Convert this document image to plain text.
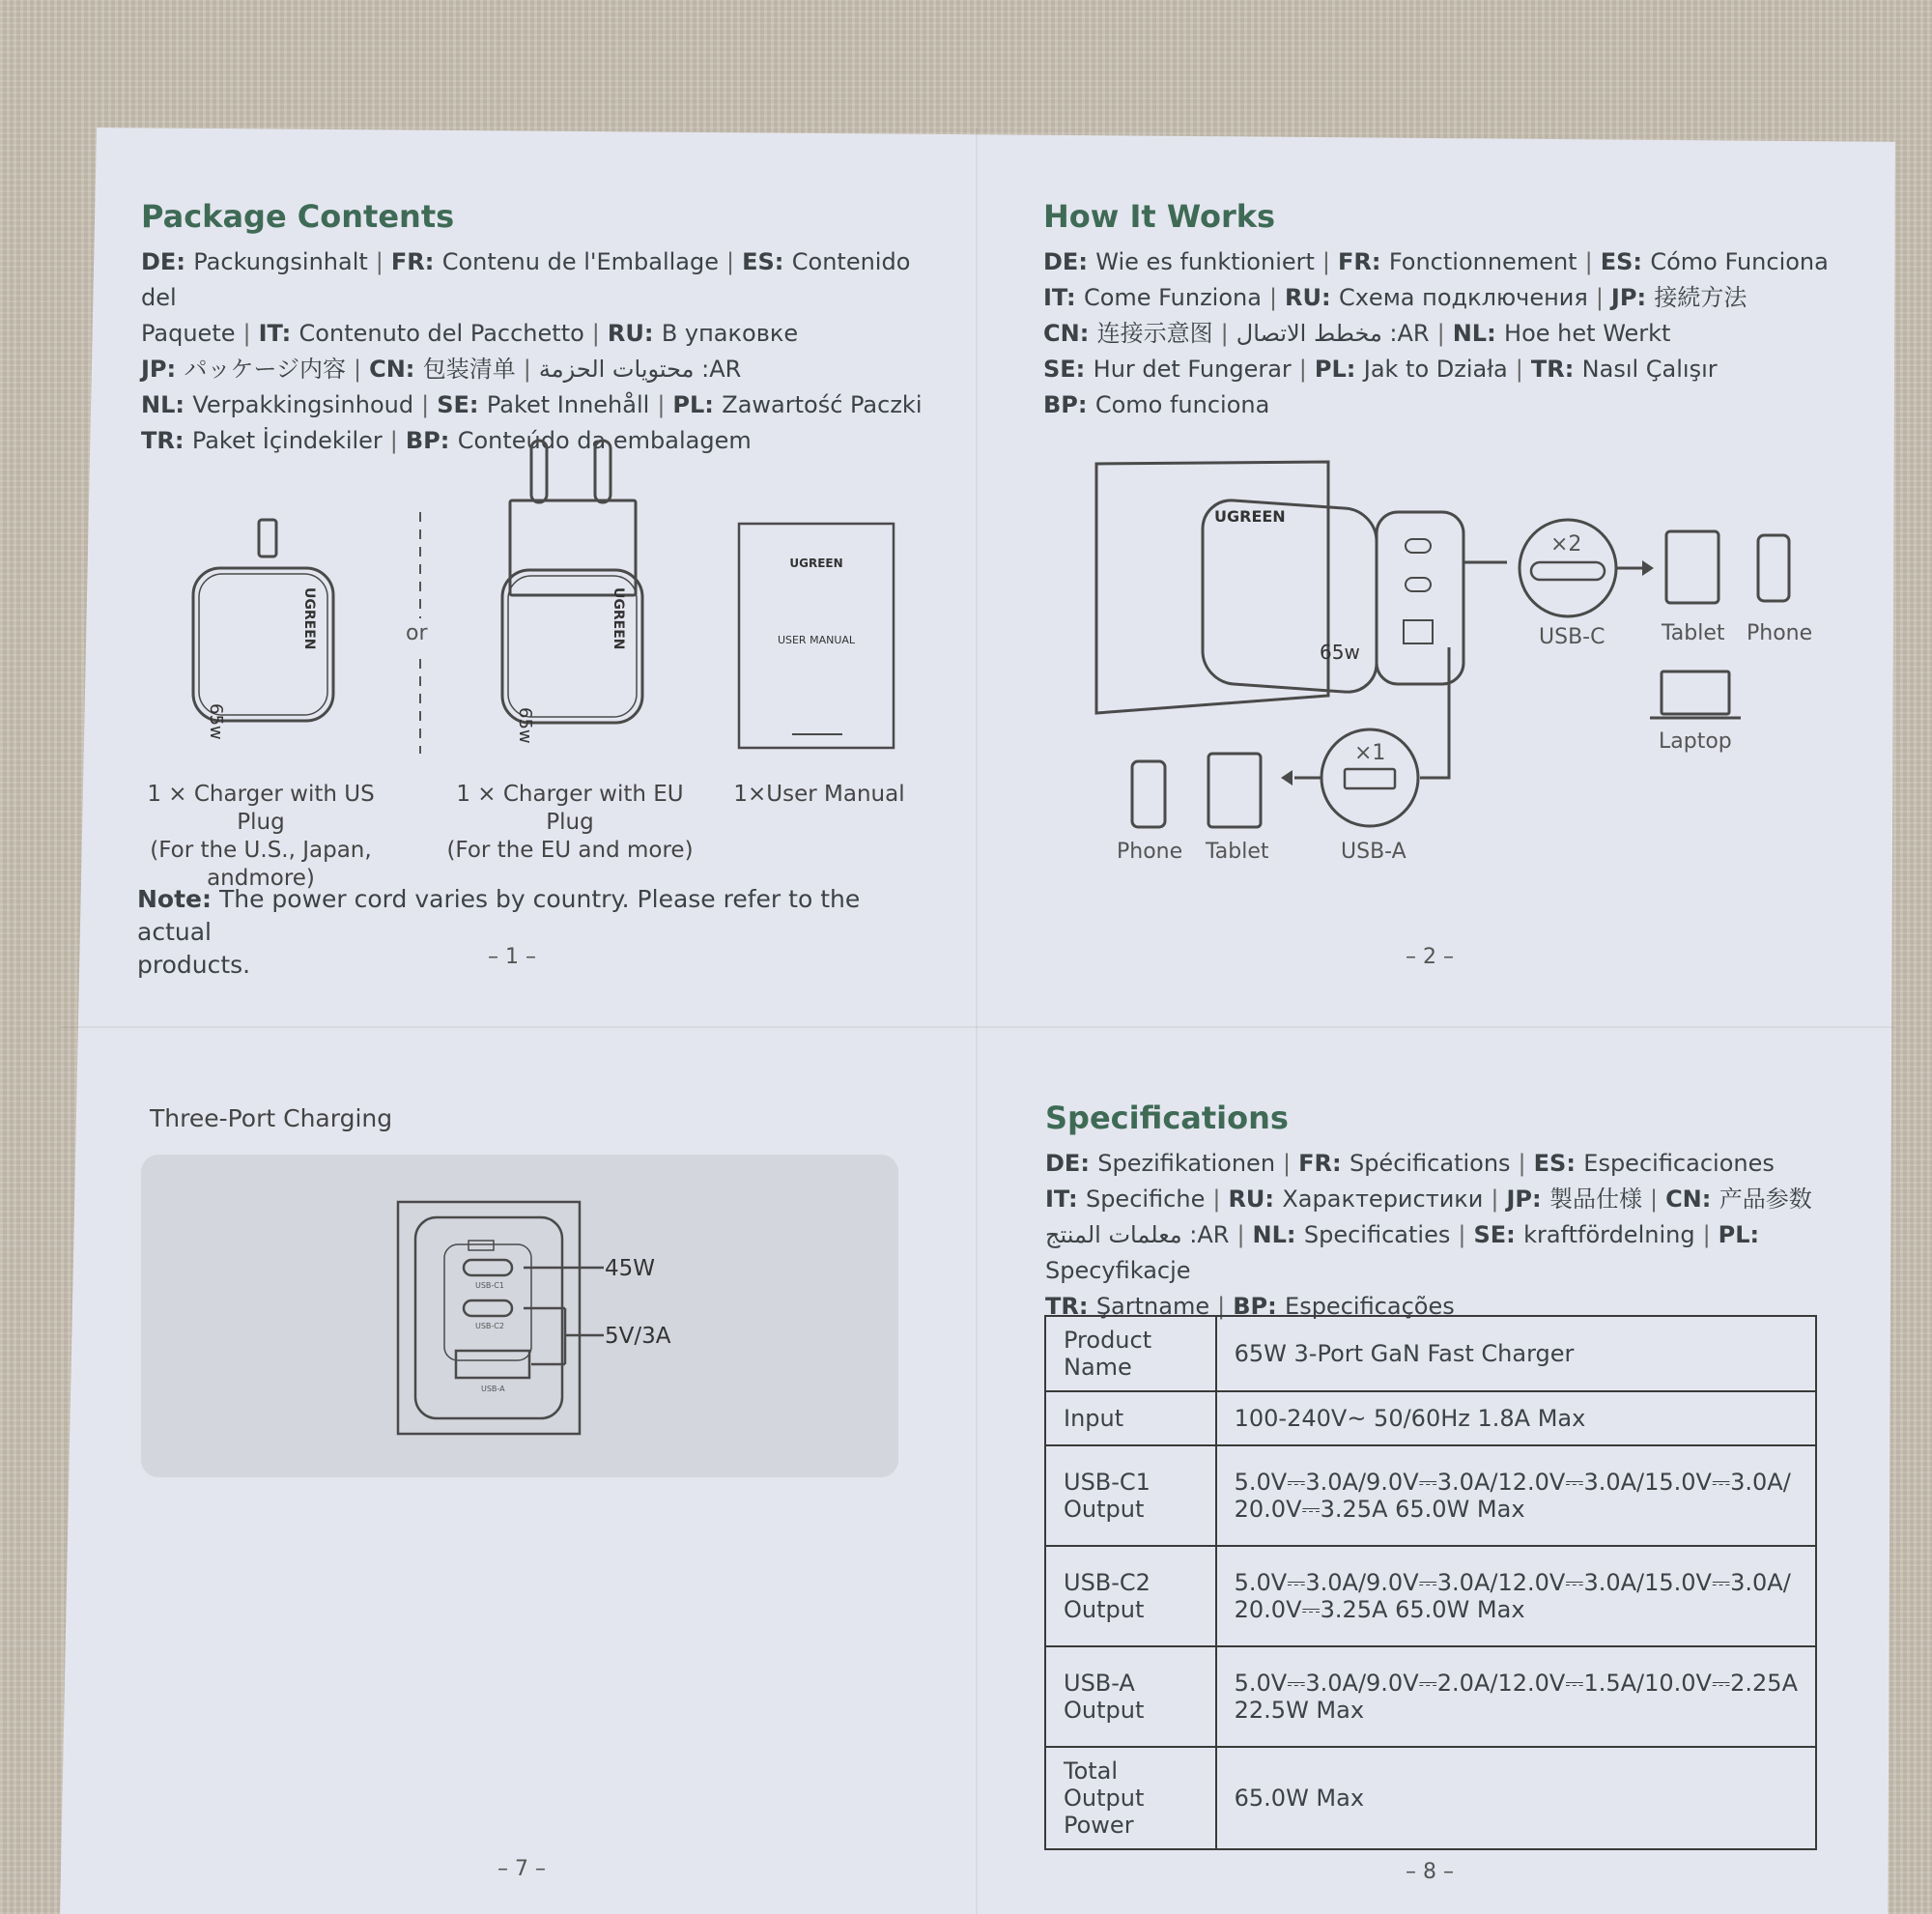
Package Contents
DE: Packungsinhalt | FR: Contenu de l'Emballage | ES: Contenido del
Paquete | IT: Contenuto del Pacchetto | RU: В упаковке
JP: パッケージ内容 | CN: 包装清单 | محتويات الحزمة :AR
NL: Verpakkingsinhoud | SE: Paket Innehåll | PL: Zawartość Paczki
TR: Paket İçindekiler | BP: Conteúdo da embalagem
UGREEN
65w
or	UGREEN
65w
UGREEN
USER MANUAL
1 × Charger with US Plug
(For the U.S., Japan,
andmore)
1 × Charger with EU Plug
(For the EU and more)
1×User Manual
Note: The power cord varies by country. Please refer to the actual
products.	– 1 –
How It Works
DE: Wie es funktioniert | FR: Fonctionnement | ES: Cómo Funciona
IT: Come Funziona | RU: Схема подключения | JP: 接続方法
CN: 连接示意图 | مخطط الاتصال :AR | NL: Hoe het Werkt
SE: Hur det Fungerar | PL: Jak to Działa | TR: Nasıl Çalışır
BP: Como funciona
UGREEN
65w
×2
×1
USB-C	Tablet Phone
Laptop
Phone Tablet	USB-A
– 2 –
Three-Port Charging
USB-C1
USB-C2
USB-A
45W
5V/3A
– 7 –
Specifications
DE: Spezifikationen | FR: Spécifications | ES: Especificaciones
IT: Specifiche | RU: Характеристики | JP: 製品仕様 | CN: 产品参数
معلمات المنتج :AR | NL: Specificaties | SE: kraftfördelning | PL: Specyfikacje
TR: Şartname | BP: Especificações
Product Name	65W 3-Port GaN Fast Charger

Input	100-240V~ 50/60Hz 1.8A Max

USB-C1 Output	5.0V⎓3.0A/9.0V⎓3.0A/12.0V⎓3.0A/15.0V⎓3.0A/
20.0V⎓3.25A 65.0W Max

USB-C2 Output	5.0V⎓3.0A/9.0V⎓3.0A/12.0V⎓3.0A/15.0V⎓3.0A/
20.0V⎓3.25A 65.0W Max

USB-A Output	5.0V⎓3.0A/9.0V⎓2.0A/12.0V⎓1.5A/10.0V⎓2.25A
22.5W Max

Total Output Power	65.0W Max
– 8 –
